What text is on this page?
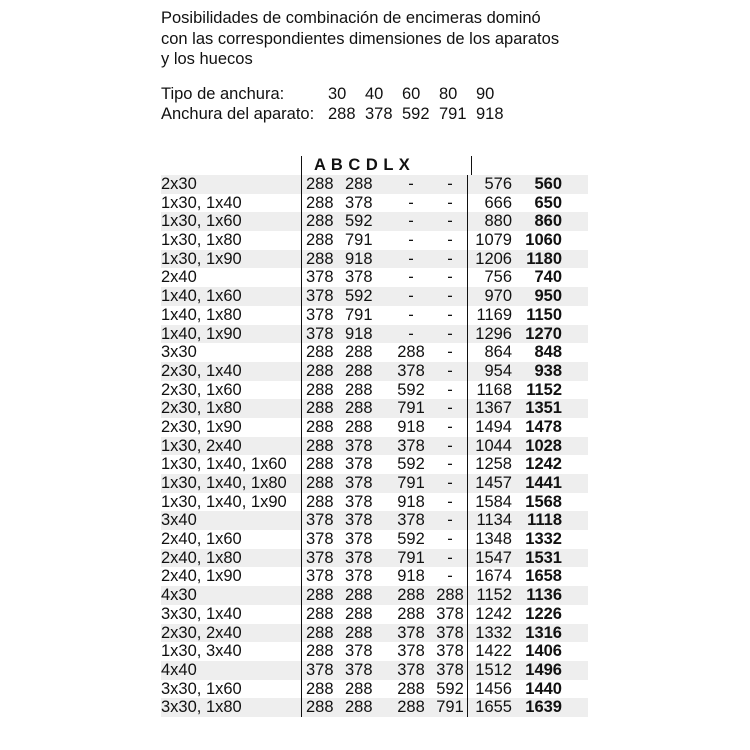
Posibilidades de combinación de encimeras dominó
con las correspondientes dimensiones de los aparatos
y los huecos
Tipo de anchura:	30	40	60	80	90
Anchura del aparato: 288 378 592 791 918
A B C D L X
2x30	288 288	-	-	576	560
1x30, 1x40	288 378	-	-	666	650
1x30, 1x60	288 592	-	-	880	860
1x30, 1x80	288 791	-	-	1079 1060
1x30, 1x90	288 918	-	-	1206 1180
2x40	378 378	-	-	756	740
1x40, 1x60	378 592	-	-	970	950
1x40, 1x80	378 791	-	-	1169 1150
1x40, 1x90	378 918	-	-	1296 1270
3x30	288 288	288	-	864	848
2x30, 1x40	288 288	378	-	954	938
2x30, 1x60	288 288	592	-	1168 1152
2x30, 1x80	288 288	791	-	1367 1351
2x30, 1x90	288 288	918	-	1494 1478
1x30, 2x40	288 378	378	-	1044 1028
1x30, 1x40, 1x60	288 378	592	-	1258 1242
1x30, 1x40, 1x80	288 378	791	-	1457 1441
1x30, 1x40, 1x90	288 378	918	-	1584 1568
3x40	378 378	378	-	1134 1118
2x40, 1x60	378 378	592	-	1348 1332
2x40, 1x80	378 378	791	-	1547 1531
2x40, 1x90	378 378	918	-	1674 1658
4x30	288 288	288 288 1152 1136
3x30, 1x40	288 288	288 378 1242 1226
2x30, 2x40	288 288	378 378 1332 1316
1x30, 3x40	288 378	378 378 1422 1406
4x40	378 378	378 378 1512 1496
3x30, 1x60	288 288	288 592 1456 1440
3x30, 1x80	288 288	288 791 1655 1639
